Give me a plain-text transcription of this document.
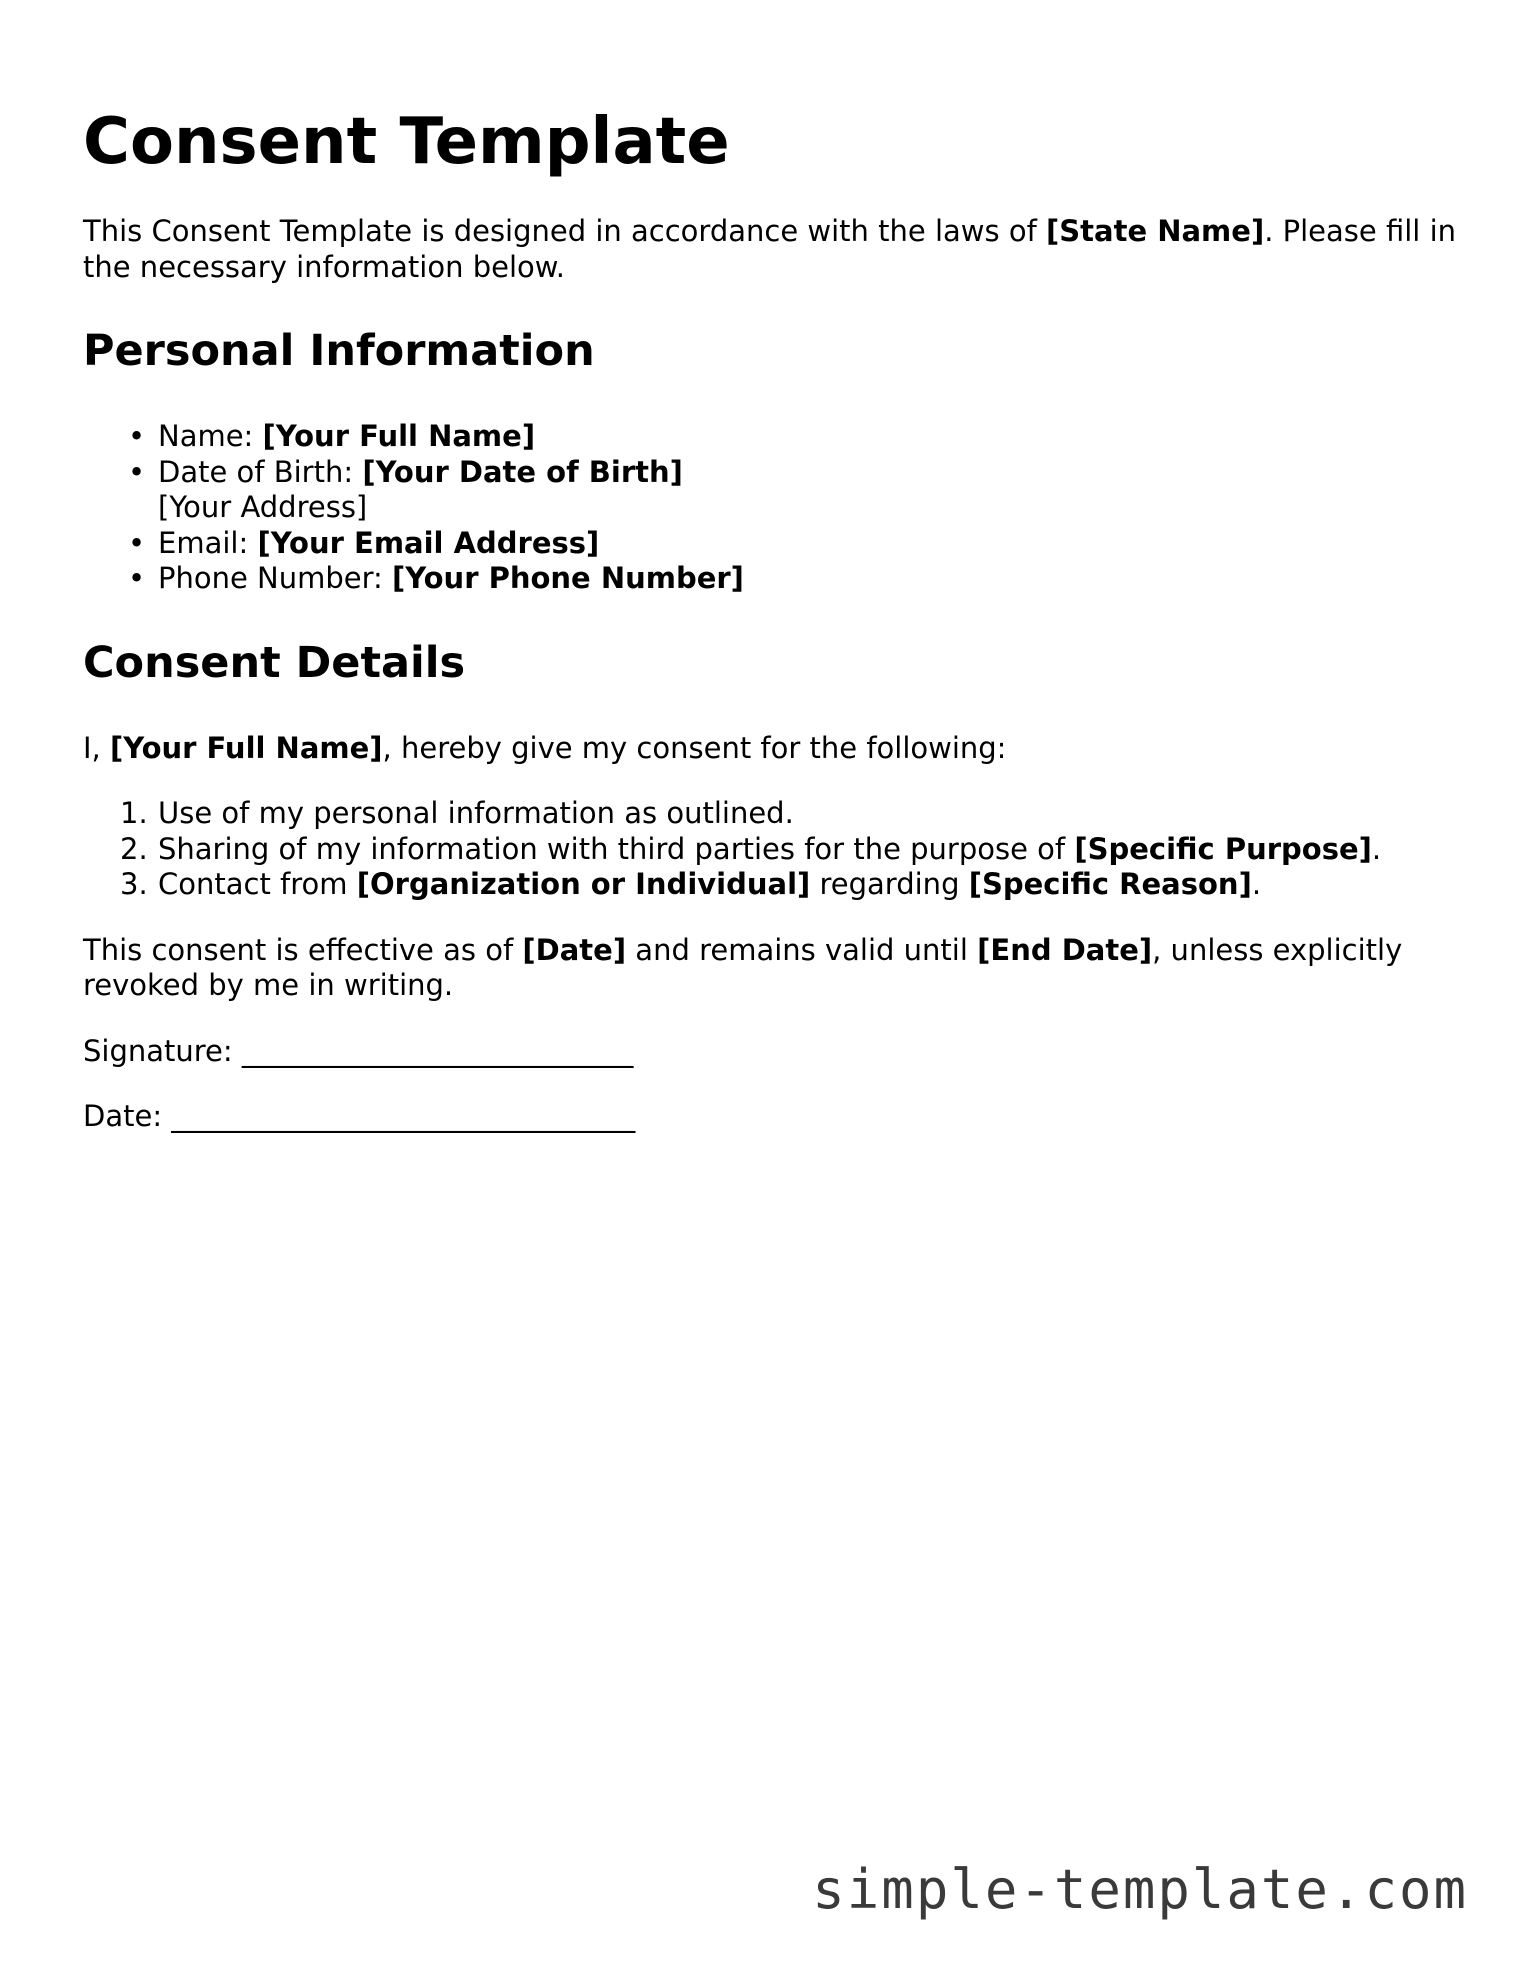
Consent Template

This Consent Template is designed in accordance with the laws of [State Name]. Please fill in the necessary information below.

Personal Information
• Name: [Your Full Name]
• Date of Birth: [Your Date of Birth]
[Your Address]
• Email: [Your Email Address]
• Phone Number: [Your Phone Number]
Consent Details

I, [Your Full Name], hereby give my consent for the following:

1. Use of my personal information as outlined.
2. Sharing of my information with third parties for the purpose of [Specific Purpose].
3. Contact from [Organization or Individual] regarding [Specific Reason].

This consent is effective as of [Date] and remains valid until [End Date], unless explicitly revoked by me in writing.

Signature: ___________________________

Date: ________________________________

simple-template.com
